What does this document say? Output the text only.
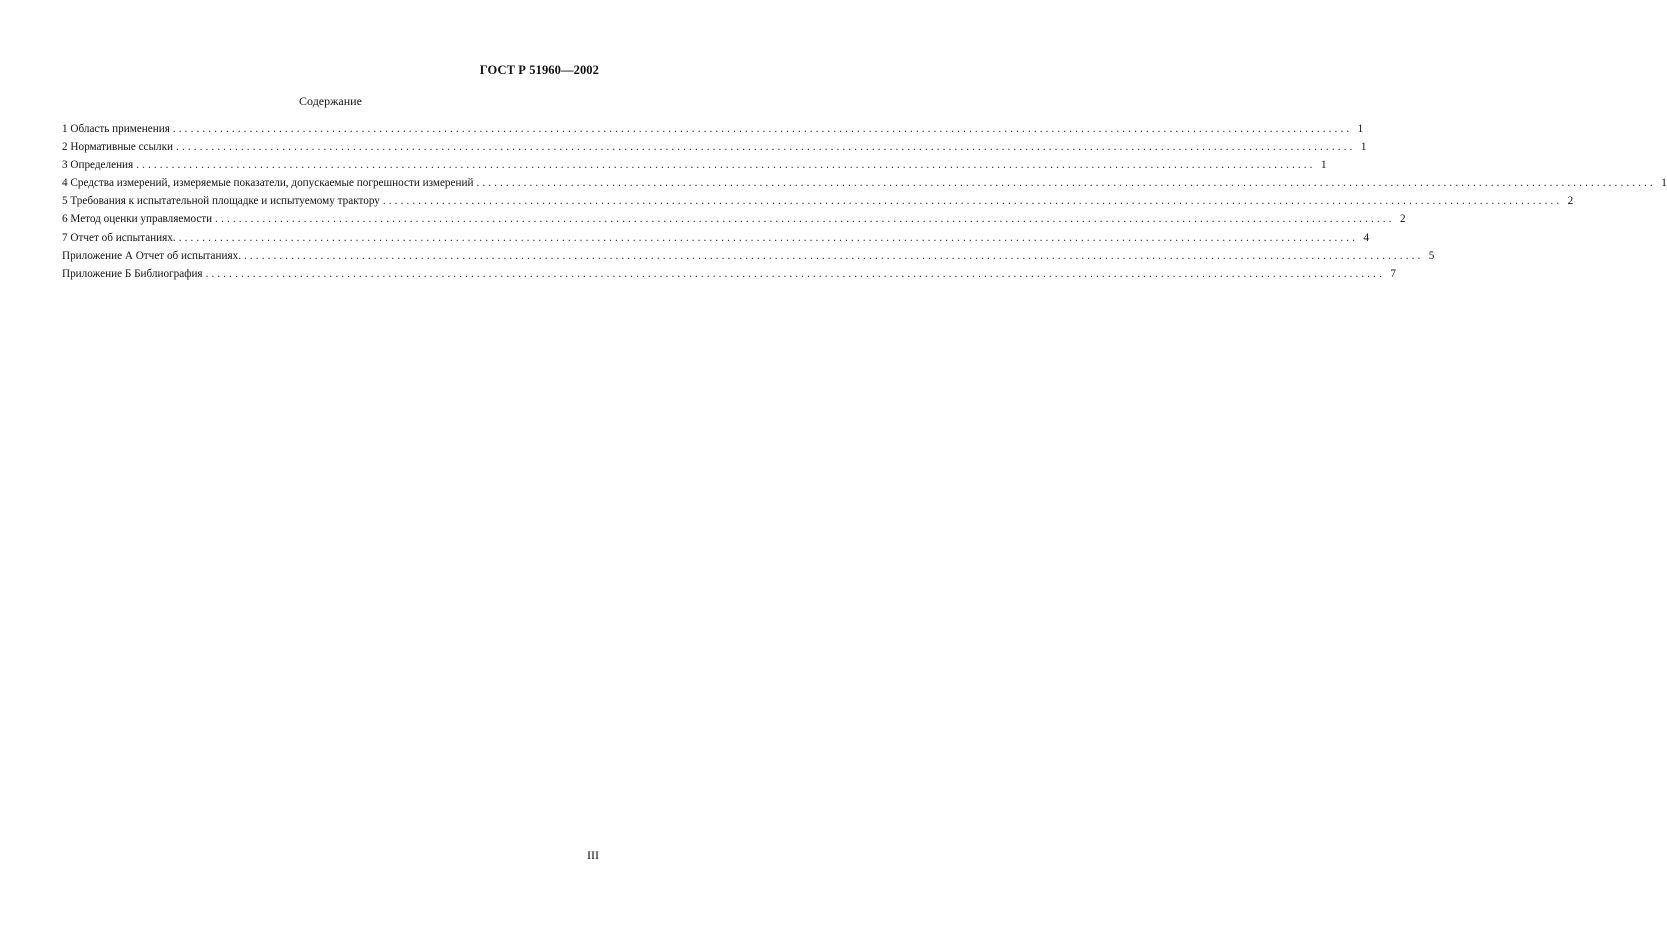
ГОСТ Р 51960—2002
Содержание
1 Область применения ........................................................................................................................................................................................................ 1
2 Нормативные ссылки ........................................................................................................................................................................................................ 1
3 Определения ........................................................................................................................................................................................................ 1
4 Средства измерений, измеряемые показатели, допускаемые погрешности измерений ........................................................................................................................................................................................................ 1
5 Требования к испытательной площадке и испытуемому трактору ........................................................................................................................................................................................................ 2
6 Метод оценки управляемости ........................................................................................................................................................................................................ 2
7 Отчет об испытаниях. ........................................................................................................................................................................................................ 4
Приложение А Отчет об испытаниях. ........................................................................................................................................................................................................ 5
Приложение Б Библиография ........................................................................................................................................................................................................ 7
III
